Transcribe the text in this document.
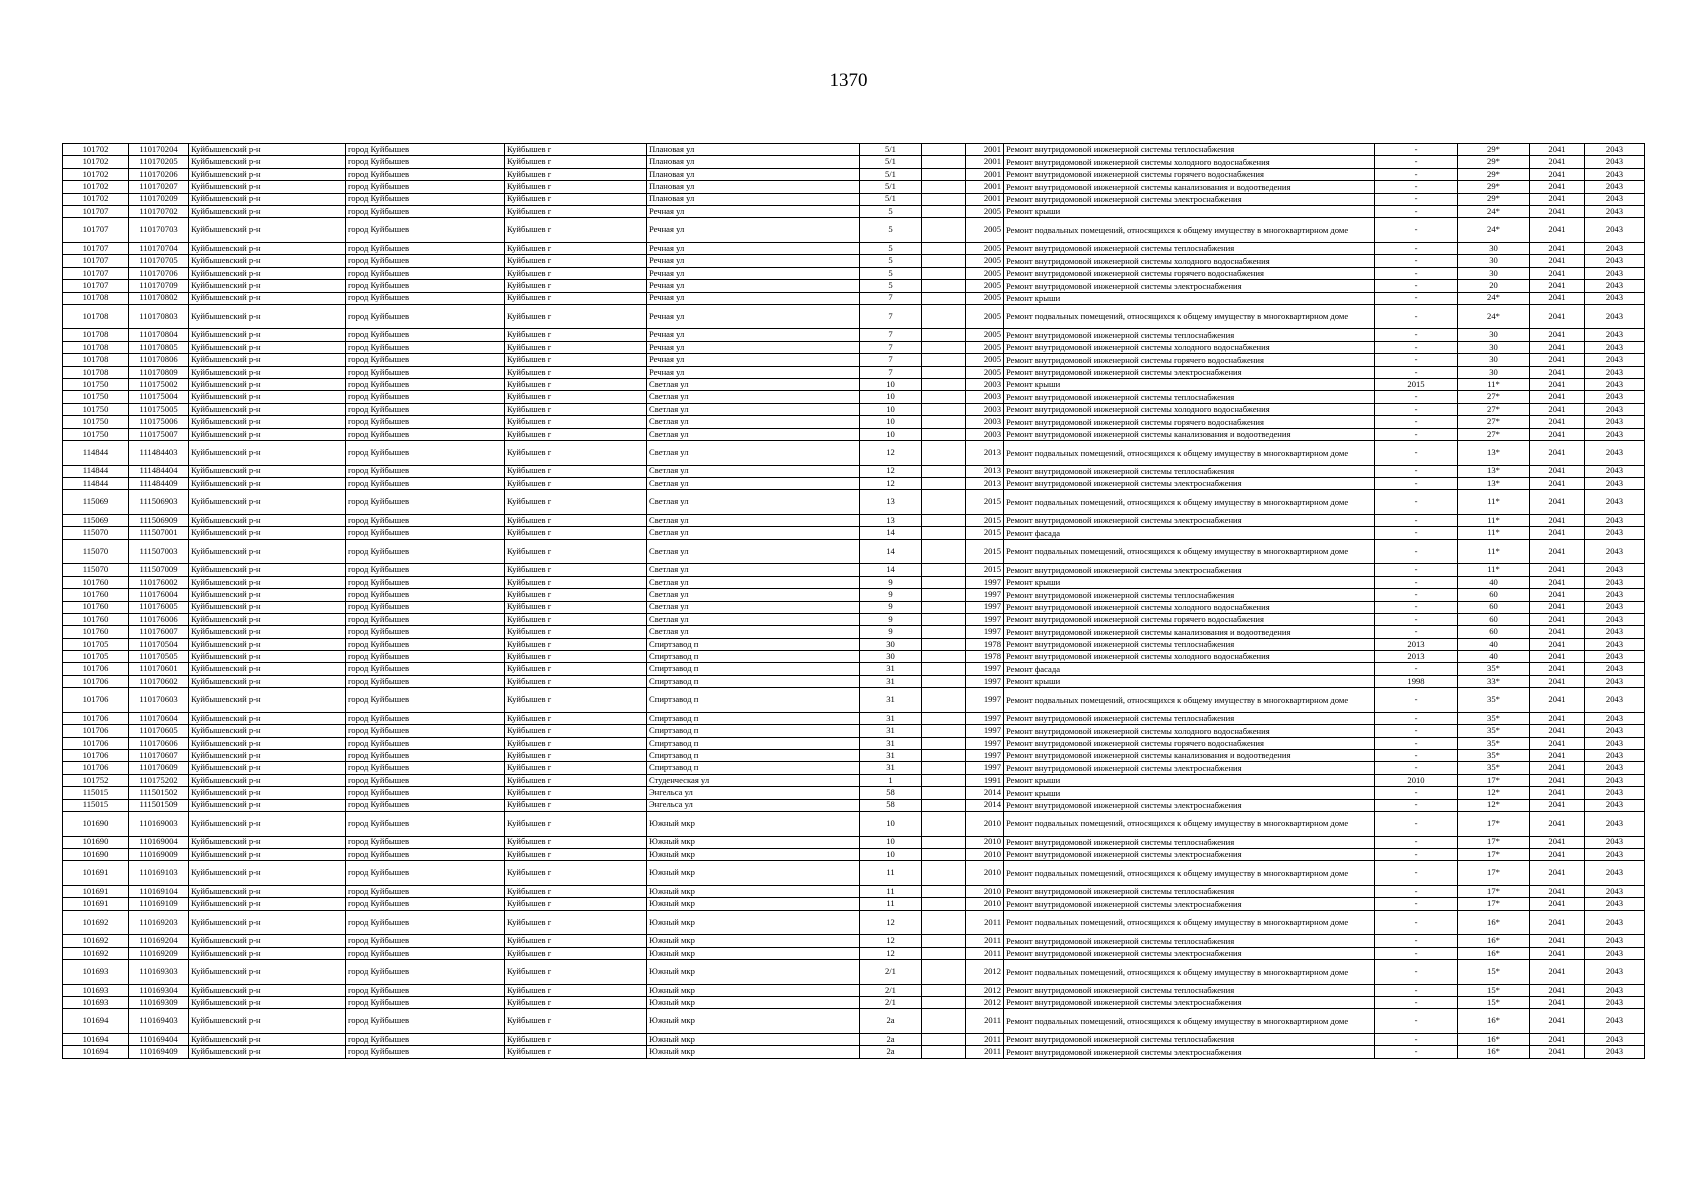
1370
101702	110170204	Куйбышевский р-н	город Куйбышев	Куйбышев г	Плановая ул	5/1		2001	Ремонт внутридомовой инженерной системы теплоснабжения	-	29*	2041	2043
101702	110170205	Куйбышевский р-н	город Куйбышев	Куйбышев г	Плановая ул	5/1		2001	Ремонт внутридомовой инженерной системы холодного водоснабжения	-	29*	2041	2043
101702	110170206	Куйбышевский р-н	город Куйбышев	Куйбышев г	Плановая ул	5/1		2001	Ремонт внутридомовой инженерной системы горячего водоснабжения	-	29*	2041	2043
101702	110170207	Куйбышевский р-н	город Куйбышев	Куйбышев г	Плановая ул	5/1		2001	Ремонт внутридомовой инженерной системы канализования и водоотведения	-	29*	2041	2043
101702	110170209	Куйбышевский р-н	город Куйбышев	Куйбышев г	Плановая ул	5/1		2001	Ремонт внутридомовой инженерной системы электроснабжения	-	29*	2041	2043
101707	110170702	Куйбышевский р-н	город Куйбышев	Куйбышев г	Речная ул	5		2005	Ремонт крыши	-	24*	2041	2043
101707	110170703	Куйбышевский р-н	город Куйбышев	Куйбышев г	Речная ул	5		2005	Ремонт подвальных помещений, относящихся к общему имуществу в многоквартирном доме	-	24*	2041	2043
101707	110170704	Куйбышевский р-н	город Куйбышев	Куйбышев г	Речная ул	5		2005	Ремонт внутридомовой инженерной системы теплоснабжения	-	30	2041	2043
101707	110170705	Куйбышевский р-н	город Куйбышев	Куйбышев г	Речная ул	5		2005	Ремонт внутридомовой инженерной системы холодного водоснабжения	-	30	2041	2043
101707	110170706	Куйбышевский р-н	город Куйбышев	Куйбышев г	Речная ул	5		2005	Ремонт внутридомовой инженерной системы горячего водоснабжения	-	30	2041	2043
101707	110170709	Куйбышевский р-н	город Куйбышев	Куйбышев г	Речная ул	5		2005	Ремонт внутридомовой инженерной системы электроснабжения	-	20	2041	2043
101708	110170802	Куйбышевский р-н	город Куйбышев	Куйбышев г	Речная ул	7		2005	Ремонт крыши	-	24*	2041	2043
101708	110170803	Куйбышевский р-н	город Куйбышев	Куйбышев г	Речная ул	7		2005	Ремонт подвальных помещений, относящихся к общему имуществу в многоквартирном доме	-	24*	2041	2043
101708	110170804	Куйбышевский р-н	город Куйбышев	Куйбышев г	Речная ул	7		2005	Ремонт внутридомовой инженерной системы теплоснабжения	-	30	2041	2043
101708	110170805	Куйбышевский р-н	город Куйбышев	Куйбышев г	Речная ул	7		2005	Ремонт внутридомовой инженерной системы холодного водоснабжения	-	30	2041	2043
101708	110170806	Куйбышевский р-н	город Куйбышев	Куйбышев г	Речная ул	7		2005	Ремонт внутридомовой инженерной системы горячего водоснабжения	-	30	2041	2043
101708	110170809	Куйбышевский р-н	город Куйбышев	Куйбышев г	Речная ул	7		2005	Ремонт внутридомовой инженерной системы электроснабжения	-	30	2041	2043
101750	110175002	Куйбышевский р-н	город Куйбышев	Куйбышев г	Светлая ул	10		2003	Ремонт крыши	2015	11*	2041	2043
101750	110175004	Куйбышевский р-н	город Куйбышев	Куйбышев г	Светлая ул	10		2003	Ремонт внутридомовой инженерной системы теплоснабжения	-	27*	2041	2043
101750	110175005	Куйбышевский р-н	город Куйбышев	Куйбышев г	Светлая ул	10		2003	Ремонт внутридомовой инженерной системы холодного водоснабжения	-	27*	2041	2043
101750	110175006	Куйбышевский р-н	город Куйбышев	Куйбышев г	Светлая ул	10		2003	Ремонт внутридомовой инженерной системы горячего водоснабжения	-	27*	2041	2043
101750	110175007	Куйбышевский р-н	город Куйбышев	Куйбышев г	Светлая ул	10		2003	Ремонт внутридомовой инженерной системы канализования и водоотведения	-	27*	2041	2043
114844	111484403	Куйбышевский р-н	город Куйбышев	Куйбышев г	Светлая ул	12		2013	Ремонт подвальных помещений, относящихся к общему имуществу в многоквартирном доме	-	13*	2041	2043
114844	111484404	Куйбышевский р-н	город Куйбышев	Куйбышев г	Светлая ул	12		2013	Ремонт внутридомовой инженерной системы теплоснабжения	-	13*	2041	2043
114844	111484409	Куйбышевский р-н	город Куйбышев	Куйбышев г	Светлая ул	12		2013	Ремонт внутридомовой инженерной системы электроснабжения	-	13*	2041	2043
115069	111506903	Куйбышевский р-н	город Куйбышев	Куйбышев г	Светлая ул	13		2015	Ремонт подвальных помещений, относящихся к общему имуществу в многоквартирном доме	-	11*	2041	2043
115069	111506909	Куйбышевский р-н	город Куйбышев	Куйбышев г	Светлая ул	13		2015	Ремонт внутридомовой инженерной системы электроснабжения	-	11*	2041	2043
115070	111507001	Куйбышевский р-н	город Куйбышев	Куйбышев г	Светлая ул	14		2015	Ремонт фасада	-	11*	2041	2043
115070	111507003	Куйбышевский р-н	город Куйбышев	Куйбышев г	Светлая ул	14		2015	Ремонт подвальных помещений, относящихся к общему имуществу в многоквартирном доме	-	11*	2041	2043
115070	111507009	Куйбышевский р-н	город Куйбышев	Куйбышев г	Светлая ул	14		2015	Ремонт внутридомовой инженерной системы электроснабжения	-	11*	2041	2043
101760	110176002	Куйбышевский р-н	город Куйбышев	Куйбышев г	Светлая ул	9		1997	Ремонт крыши	-	40	2041	2043
101760	110176004	Куйбышевский р-н	город Куйбышев	Куйбышев г	Светлая ул	9		1997	Ремонт внутридомовой инженерной системы теплоснабжения	-	60	2041	2043
101760	110176005	Куйбышевский р-н	город Куйбышев	Куйбышев г	Светлая ул	9		1997	Ремонт внутридомовой инженерной системы холодного водоснабжения	-	60	2041	2043
101760	110176006	Куйбышевский р-н	город Куйбышев	Куйбышев г	Светлая ул	9		1997	Ремонт внутридомовой инженерной системы горячего водоснабжения	-	60	2041	2043
101760	110176007	Куйбышевский р-н	город Куйбышев	Куйбышев г	Светлая ул	9		1997	Ремонт внутридомовой инженерной системы канализования и водоотведения	-	60	2041	2043
101705	110170504	Куйбышевский р-н	город Куйбышев	Куйбышев г	Спиртзавод п	30		1978	Ремонт внутридомовой инженерной системы теплоснабжения	2013	40	2041	2043
101705	110170505	Куйбышевский р-н	город Куйбышев	Куйбышев г	Спиртзавод п	30		1978	Ремонт внутридомовой инженерной системы холодного водоснабжения	2013	40	2041	2043
101706	110170601	Куйбышевский р-н	город Куйбышев	Куйбышев г	Спиртзавод п	31		1997	Ремонт фасада	-	35*	2041	2043
101706	110170602	Куйбышевский р-н	город Куйбышев	Куйбышев г	Спиртзавод п	31		1997	Ремонт крыши	1998	33*	2041	2043
101706	110170603	Куйбышевский р-н	город Куйбышев	Куйбышев г	Спиртзавод п	31		1997	Ремонт подвальных помещений, относящихся к общему имуществу в многоквартирном доме	-	35*	2041	2043
101706	110170604	Куйбышевский р-н	город Куйбышев	Куйбышев г	Спиртзавод п	31		1997	Ремонт внутридомовой инженерной системы теплоснабжения	-	35*	2041	2043
101706	110170605	Куйбышевский р-н	город Куйбышев	Куйбышев г	Спиртзавод п	31		1997	Ремонт внутридомовой инженерной системы холодного водоснабжения	-	35*	2041	2043
101706	110170606	Куйбышевский р-н	город Куйбышев	Куйбышев г	Спиртзавод п	31		1997	Ремонт внутридомовой инженерной системы горячего водоснабжения	-	35*	2041	2043
101706	110170607	Куйбышевский р-н	город Куйбышев	Куйбышев г	Спиртзавод п	31		1997	Ремонт внутридомовой инженерной системы канализования и водоотведения	-	35*	2041	2043
101706	110170609	Куйбышевский р-н	город Куйбышев	Куйбышев г	Спиртзавод п	31		1997	Ремонт внутридомовой инженерной системы электроснабжения	-	35*	2041	2043
101752	110175202	Куйбышевский р-н	город Куйбышев	Куйбышев г	Студенческая ул	1		1991	Ремонт крыши	2010	17*	2041	2043
115015	111501502	Куйбышевский р-н	город Куйбышев	Куйбышев г	Энгельса ул	58		2014	Ремонт крыши	-	12*	2041	2043
115015	111501509	Куйбышевский р-н	город Куйбышев	Куйбышев г	Энгельса ул	58		2014	Ремонт внутридомовой инженерной системы электроснабжения	-	12*	2041	2043
101690	110169003	Куйбышевский р-н	город Куйбышев	Куйбышев г	Южный мкр	10		2010	Ремонт подвальных помещений, относящихся к общему имуществу в многоквартирном доме	-	17*	2041	2043
101690	110169004	Куйбышевский р-н	город Куйбышев	Куйбышев г	Южный мкр	10		2010	Ремонт внутридомовой инженерной системы теплоснабжения	-	17*	2041	2043
101690	110169009	Куйбышевский р-н	город Куйбышев	Куйбышев г	Южный мкр	10		2010	Ремонт внутридомовой инженерной системы электроснабжения	-	17*	2041	2043
101691	110169103	Куйбышевский р-н	город Куйбышев	Куйбышев г	Южный мкр	11		2010	Ремонт подвальных помещений, относящихся к общему имуществу в многоквартирном доме	-	17*	2041	2043
101691	110169104	Куйбышевский р-н	город Куйбышев	Куйбышев г	Южный мкр	11		2010	Ремонт внутридомовой инженерной системы теплоснабжения	-	17*	2041	2043
101691	110169109	Куйбышевский р-н	город Куйбышев	Куйбышев г	Южный мкр	11		2010	Ремонт внутридомовой инженерной системы электроснабжения	-	17*	2041	2043
101692	110169203	Куйбышевский р-н	город Куйбышев	Куйбышев г	Южный мкр	12		2011	Ремонт подвальных помещений, относящихся к общему имуществу в многоквартирном доме	-	16*	2041	2043
101692	110169204	Куйбышевский р-н	город Куйбышев	Куйбышев г	Южный мкр	12		2011	Ремонт внутридомовой инженерной системы теплоснабжения	-	16*	2041	2043
101692	110169209	Куйбышевский р-н	город Куйбышев	Куйбышев г	Южный мкр	12		2011	Ремонт внутридомовой инженерной системы электроснабжения	-	16*	2041	2043
101693	110169303	Куйбышевский р-н	город Куйбышев	Куйбышев г	Южный мкр	2/1		2012	Ремонт подвальных помещений, относящихся к общему имуществу в многоквартирном доме	-	15*	2041	2043
101693	110169304	Куйбышевский р-н	город Куйбышев	Куйбышев г	Южный мкр	2/1		2012	Ремонт внутридомовой инженерной системы теплоснабжения	-	15*	2041	2043
101693	110169309	Куйбышевский р-н	город Куйбышев	Куйбышев г	Южный мкр	2/1		2012	Ремонт внутридомовой инженерной системы электроснабжения	-	15*	2041	2043
101694	110169403	Куйбышевский р-н	город Куйбышев	Куйбышев г	Южный мкр	2а		2011	Ремонт подвальных помещений, относящихся к общему имуществу в многоквартирном доме	-	16*	2041	2043
101694	110169404	Куйбышевский р-н	город Куйбышев	Куйбышев г	Южный мкр	2а		2011	Ремонт внутридомовой инженерной системы теплоснабжения	-	16*	2041	2043
101694	110169409	Куйбышевский р-н	город Куйбышев	Куйбышев г	Южный мкр	2а		2011	Ремонт внутридомовой инженерной системы электроснабжения	-	16*	2041	2043
